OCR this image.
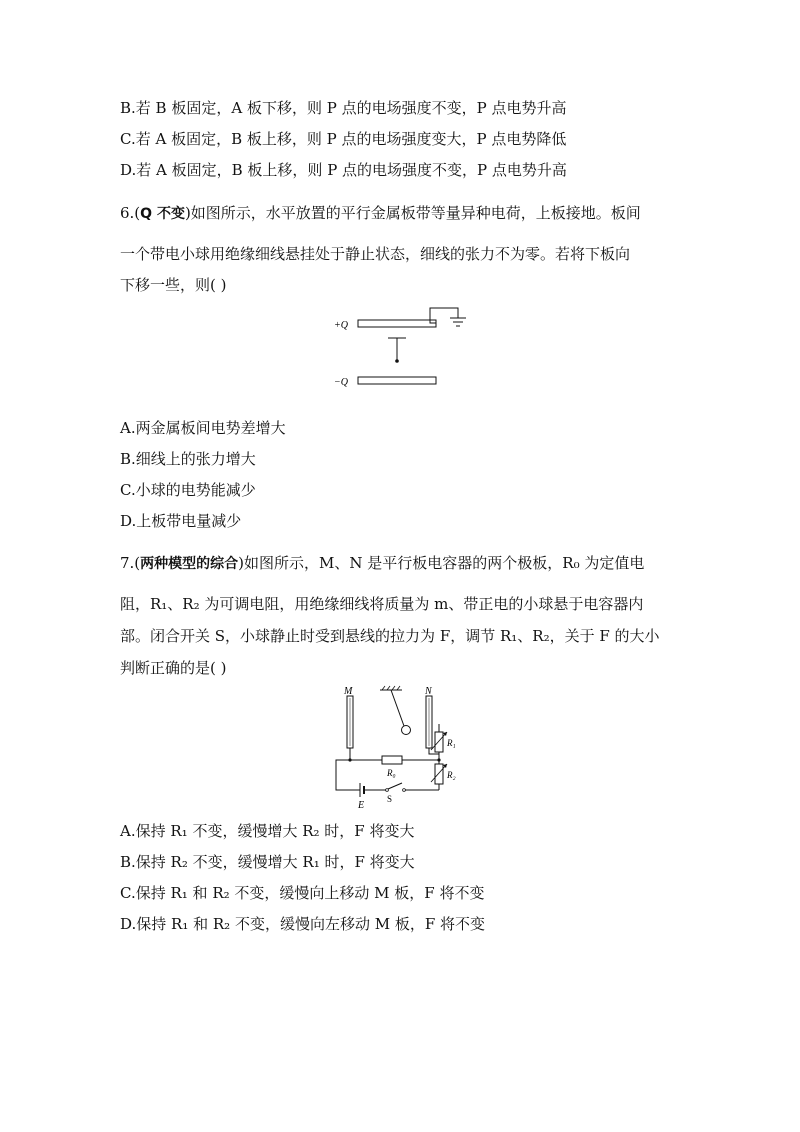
B.若 B 板固定，A 板下移，则 P 点的电场强度不变，P 点电势升高
C.若 A 板固定，B 板上移，则 P 点的电场强度变大，P 点电势降低
D.若 A 板固定，B 板上移，则 P 点的电场强度不变，P 点电势升高
6.(Q 不变)如图所示，水平放置的平行金属板带等量异种电荷，上板接地。板间
一个带电小球用绝缘细线悬挂处于静止状态，细线的张力不为零。若将下板向
下移一些，则( )
+Q
−Q
A.两金属板间电势差增大
B.细线上的张力增大
C.小球的电势能减少
D.上板带电量减少
7.(两种模型的综合)如图所示，M、N 是平行板电容器的两个极板，R₀ 为定值电
阻，R₁、R₂ 为可调电阻，用绝缘细线将质量为 m、带正电的小球悬于电容器内
部。闭合开关 S，小球静止时受到悬线的拉力为 F，调节 R₁、R₂，关于 F 的大小
判断正确的是( )
M	N
R₀
R₁
R₂
E
S
A.保持 R₁ 不变，缓慢增大 R₂ 时，F 将变大
B.保持 R₂ 不变，缓慢增大 R₁ 时，F 将变大
C.保持 R₁ 和 R₂ 不变，缓慢向上移动 M 板，F 将不变
D.保持 R₁ 和 R₂ 不变，缓慢向左移动 M 板，F 将不变
